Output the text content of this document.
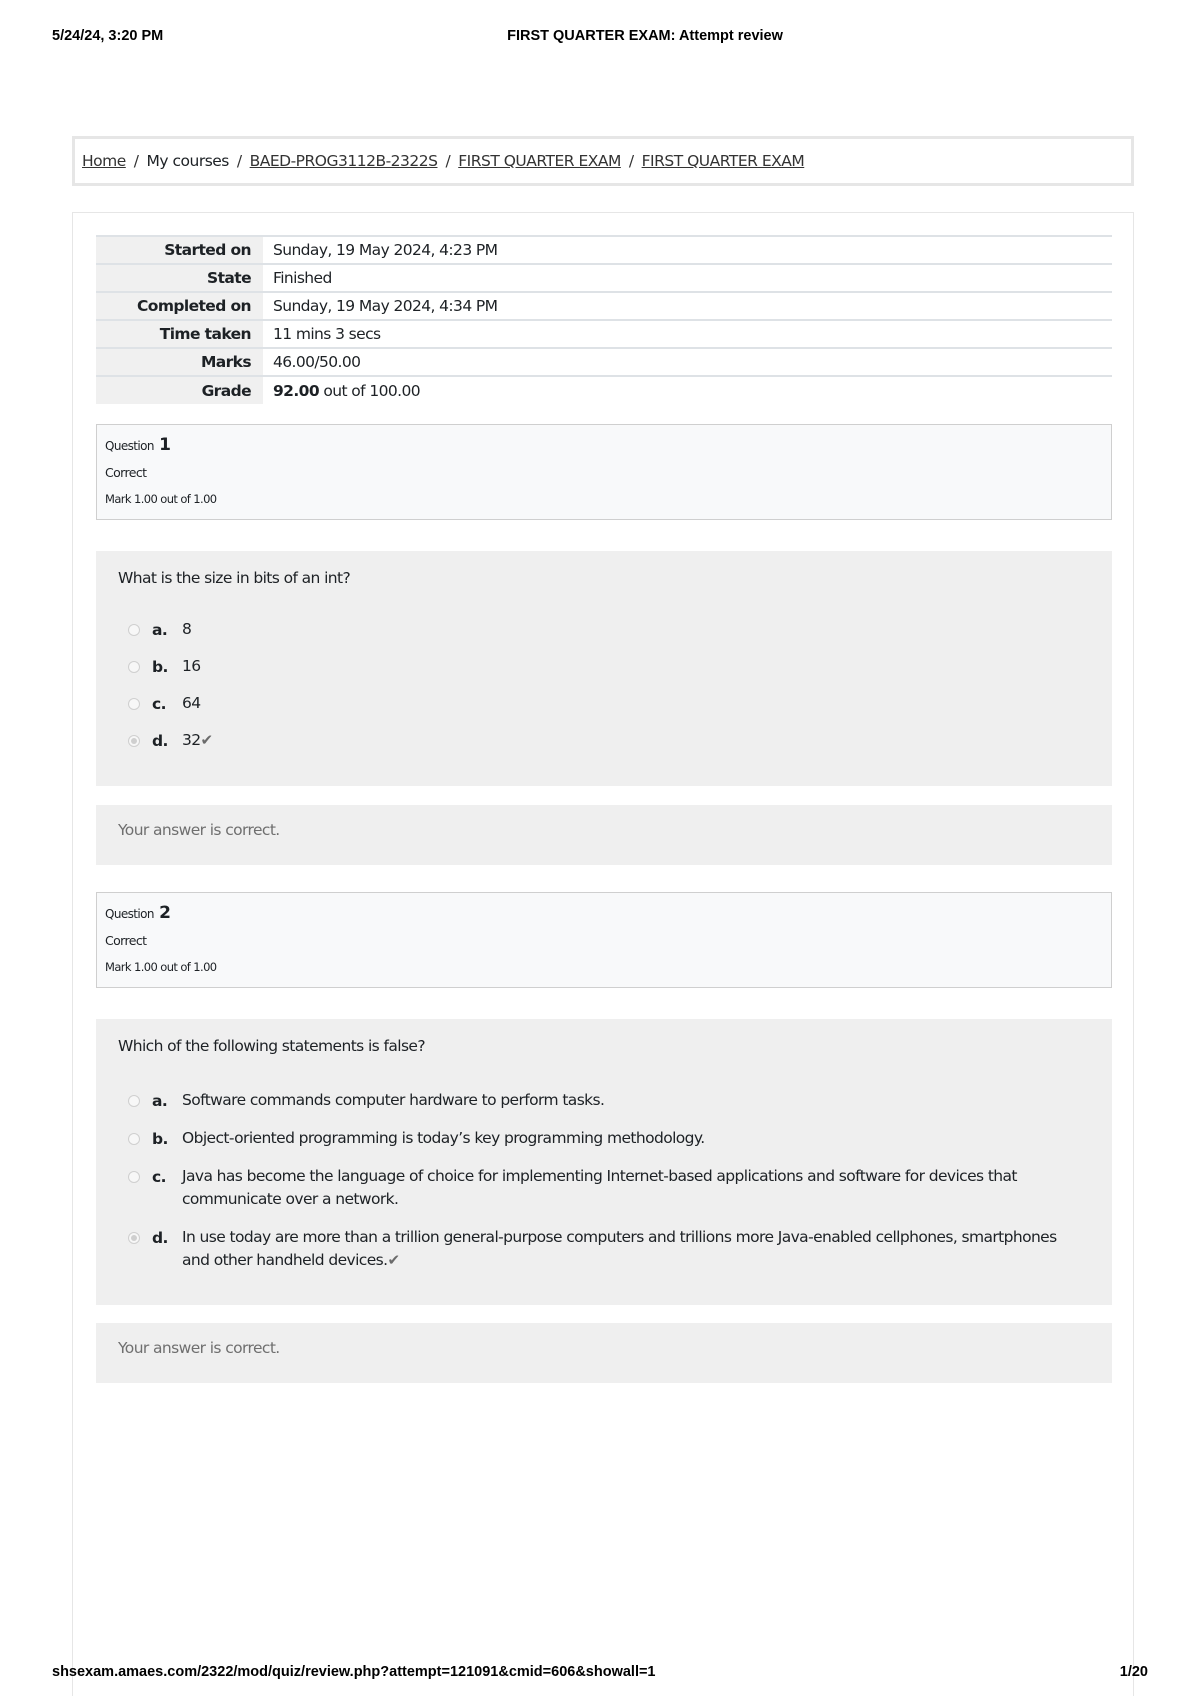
5/24/24, 3:20 PM	FIRST QUARTER EXAM: Attempt review
Home / My courses / BAED-PROG3112B-2322S / FIRST QUARTER EXAM / FIRST QUARTER EXAM
Started on	Sunday, 19 May 2024, 4:23 PM
State	Finished
Completed on	Sunday, 19 May 2024, 4:34 PM
Time taken	11 mins 3 secs
Marks	46.00/50.00
Grade	92.00 out of 100.00
Question 1
Correct
Mark 1.00 out of 1.00
What is the size in bits of an int?
a. 8
b. 16
c.	64
d. 32✔
Your answer is correct.
Question 2
Correct
Mark 1.00 out of 1.00
Which of the following statements is false?
a. Software commands computer hardware to perform tasks.
b. Object-oriented programming is today’s key programming methodology.
c.	Java has become the language of choice for implementing Internet-based applications and software for devices that communicate over a network.
d. In use today are more than a trillion general-purpose computers and trillions more Java-enabled cellphones, smartphones and other handheld devices.✔
Your answer is correct.
shsexam.amaes.com/2322/mod/quiz/review.php?attempt=121091&cmid=606&showall=1	1/20
